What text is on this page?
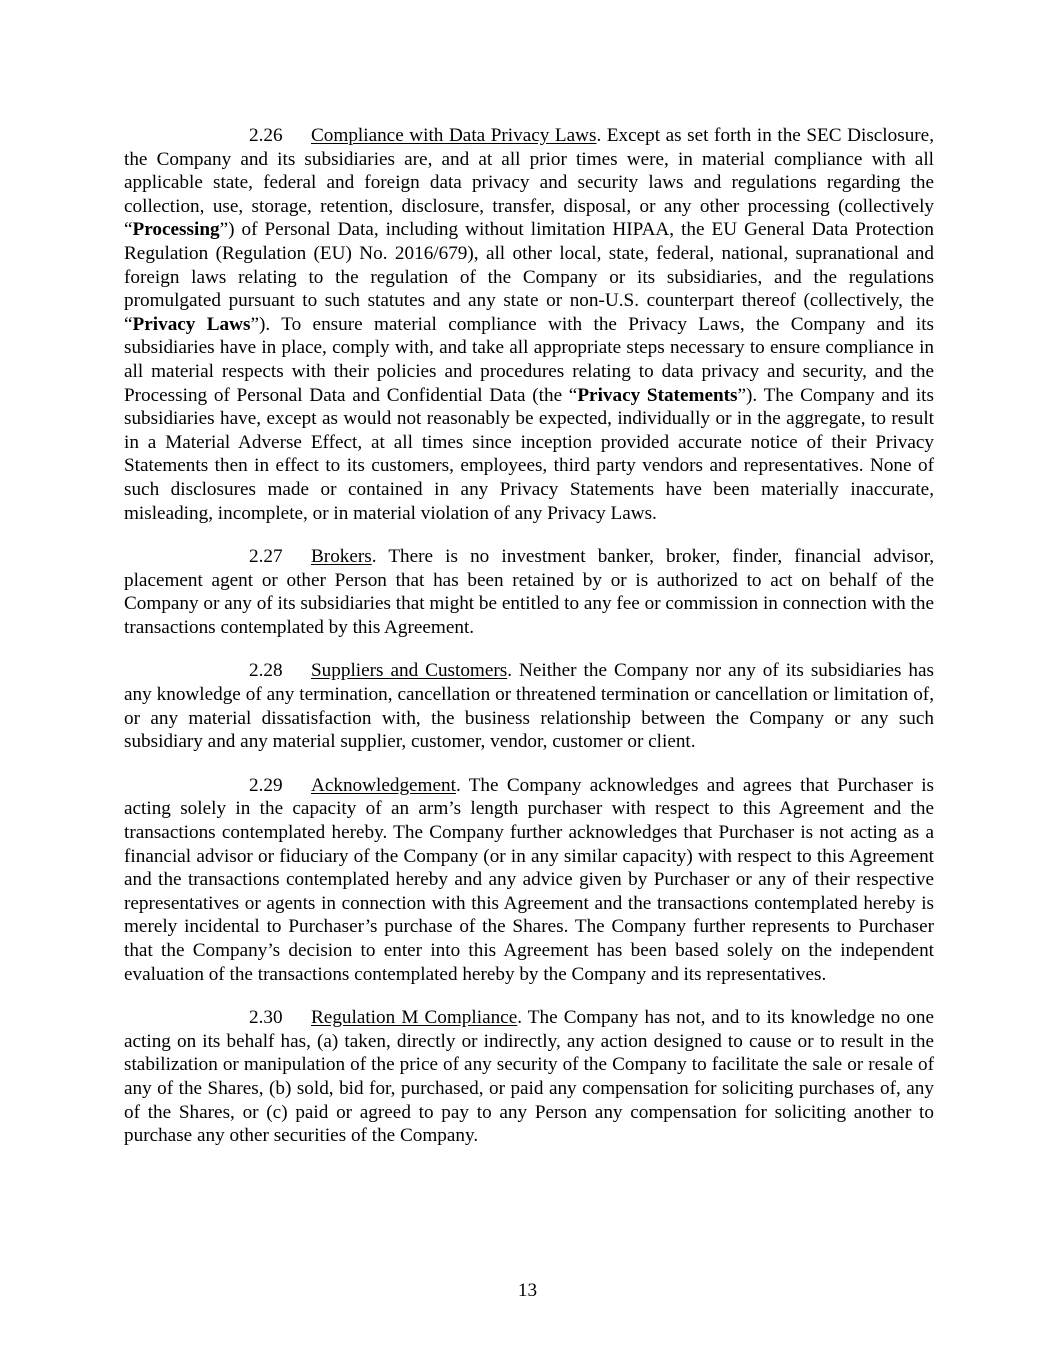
2.26 Compliance with Data Privacy Laws. Except as set forth in the SEC Disclosure, the Company and its subsidiaries are, and at all prior times were, in material compliance with all applicable state, federal and foreign data privacy and security laws and regulations regarding the collection, use, storage, retention, disclosure, transfer, disposal, or any other processing (collectively “Processing”) of Personal Data, including without limitation HIPAA, the EU General Data Protection Regulation (Regulation (EU) No. 2016/679), all other local, state, federal, national, supranational and foreign laws relating to the regulation of the Company or its subsidiaries, and the regulations promulgated pursuant to such statutes and any state or non-U.S. counterpart thereof (collectively, the “Privacy Laws”). To ensure material compliance with the Privacy Laws, the Company and its subsidiaries have in place, comply with, and take all appropriate steps necessary to ensure compliance in all material respects with their policies and procedures relating to data privacy and security, and the Processing of Personal Data and Confidential Data (the “Privacy Statements”). The Company and its subsidiaries have, except as would not reasonably be expected, individually or in the aggregate, to result in a Material Adverse Effect, at all times since inception provided accurate notice of their Privacy Statements then in effect to its customers, employees, third party vendors and representatives. None of such disclosures made or contained in any Privacy Statements have been materially inaccurate, misleading, incomplete, or in material violation of any Privacy Laws.

2.27 Brokers. There is no investment banker, broker, finder, financial advisor, placement agent or other Person that has been retained by or is authorized to act on behalf of the Company or any of its subsidiaries that might be entitled to any fee or commission in connection with the transactions contemplated by this Agreement.

2.28 Suppliers and Customers. Neither the Company nor any of its subsidiaries has any knowledge of any termination, cancellation or threatened termination or cancellation or limitation of, or any material dissatisfaction with, the business relationship between the Company or any such subsidiary and any material supplier, customer, vendor, customer or client.

2.29 Acknowledgement. The Company acknowledges and agrees that Purchaser is acting solely in the capacity of an arm’s length purchaser with respect to this Agreement and the transactions contemplated hereby. The Company further acknowledges that Purchaser is not acting as a financial advisor or fiduciary of the Company (or in any similar capacity) with respect to this Agreement and the transactions contemplated hereby and any advice given by Purchaser or any of their respective representatives or agents in connection with this Agreement and the transactions contemplated hereby is merely incidental to Purchaser’s purchase of the Shares. The Company further represents to Purchaser that the Company’s decision to enter into this Agreement has been based solely on the independent evaluation of the transactions contemplated hereby by the Company and its representatives.

2.30 Regulation M Compliance. The Company has not, and to its knowledge no one acting on its behalf has, (a) taken, directly or indirectly, any action designed to cause or to result in the stabilization or manipulation of the price of any security of the Company to facilitate the sale or resale of any of the Shares, (b) sold, bid for, purchased, or paid any compensation for soliciting purchases of, any of the Shares, or (c) paid or agreed to pay to any Person any compensation for soliciting another to purchase any other securities of the Company.

13
